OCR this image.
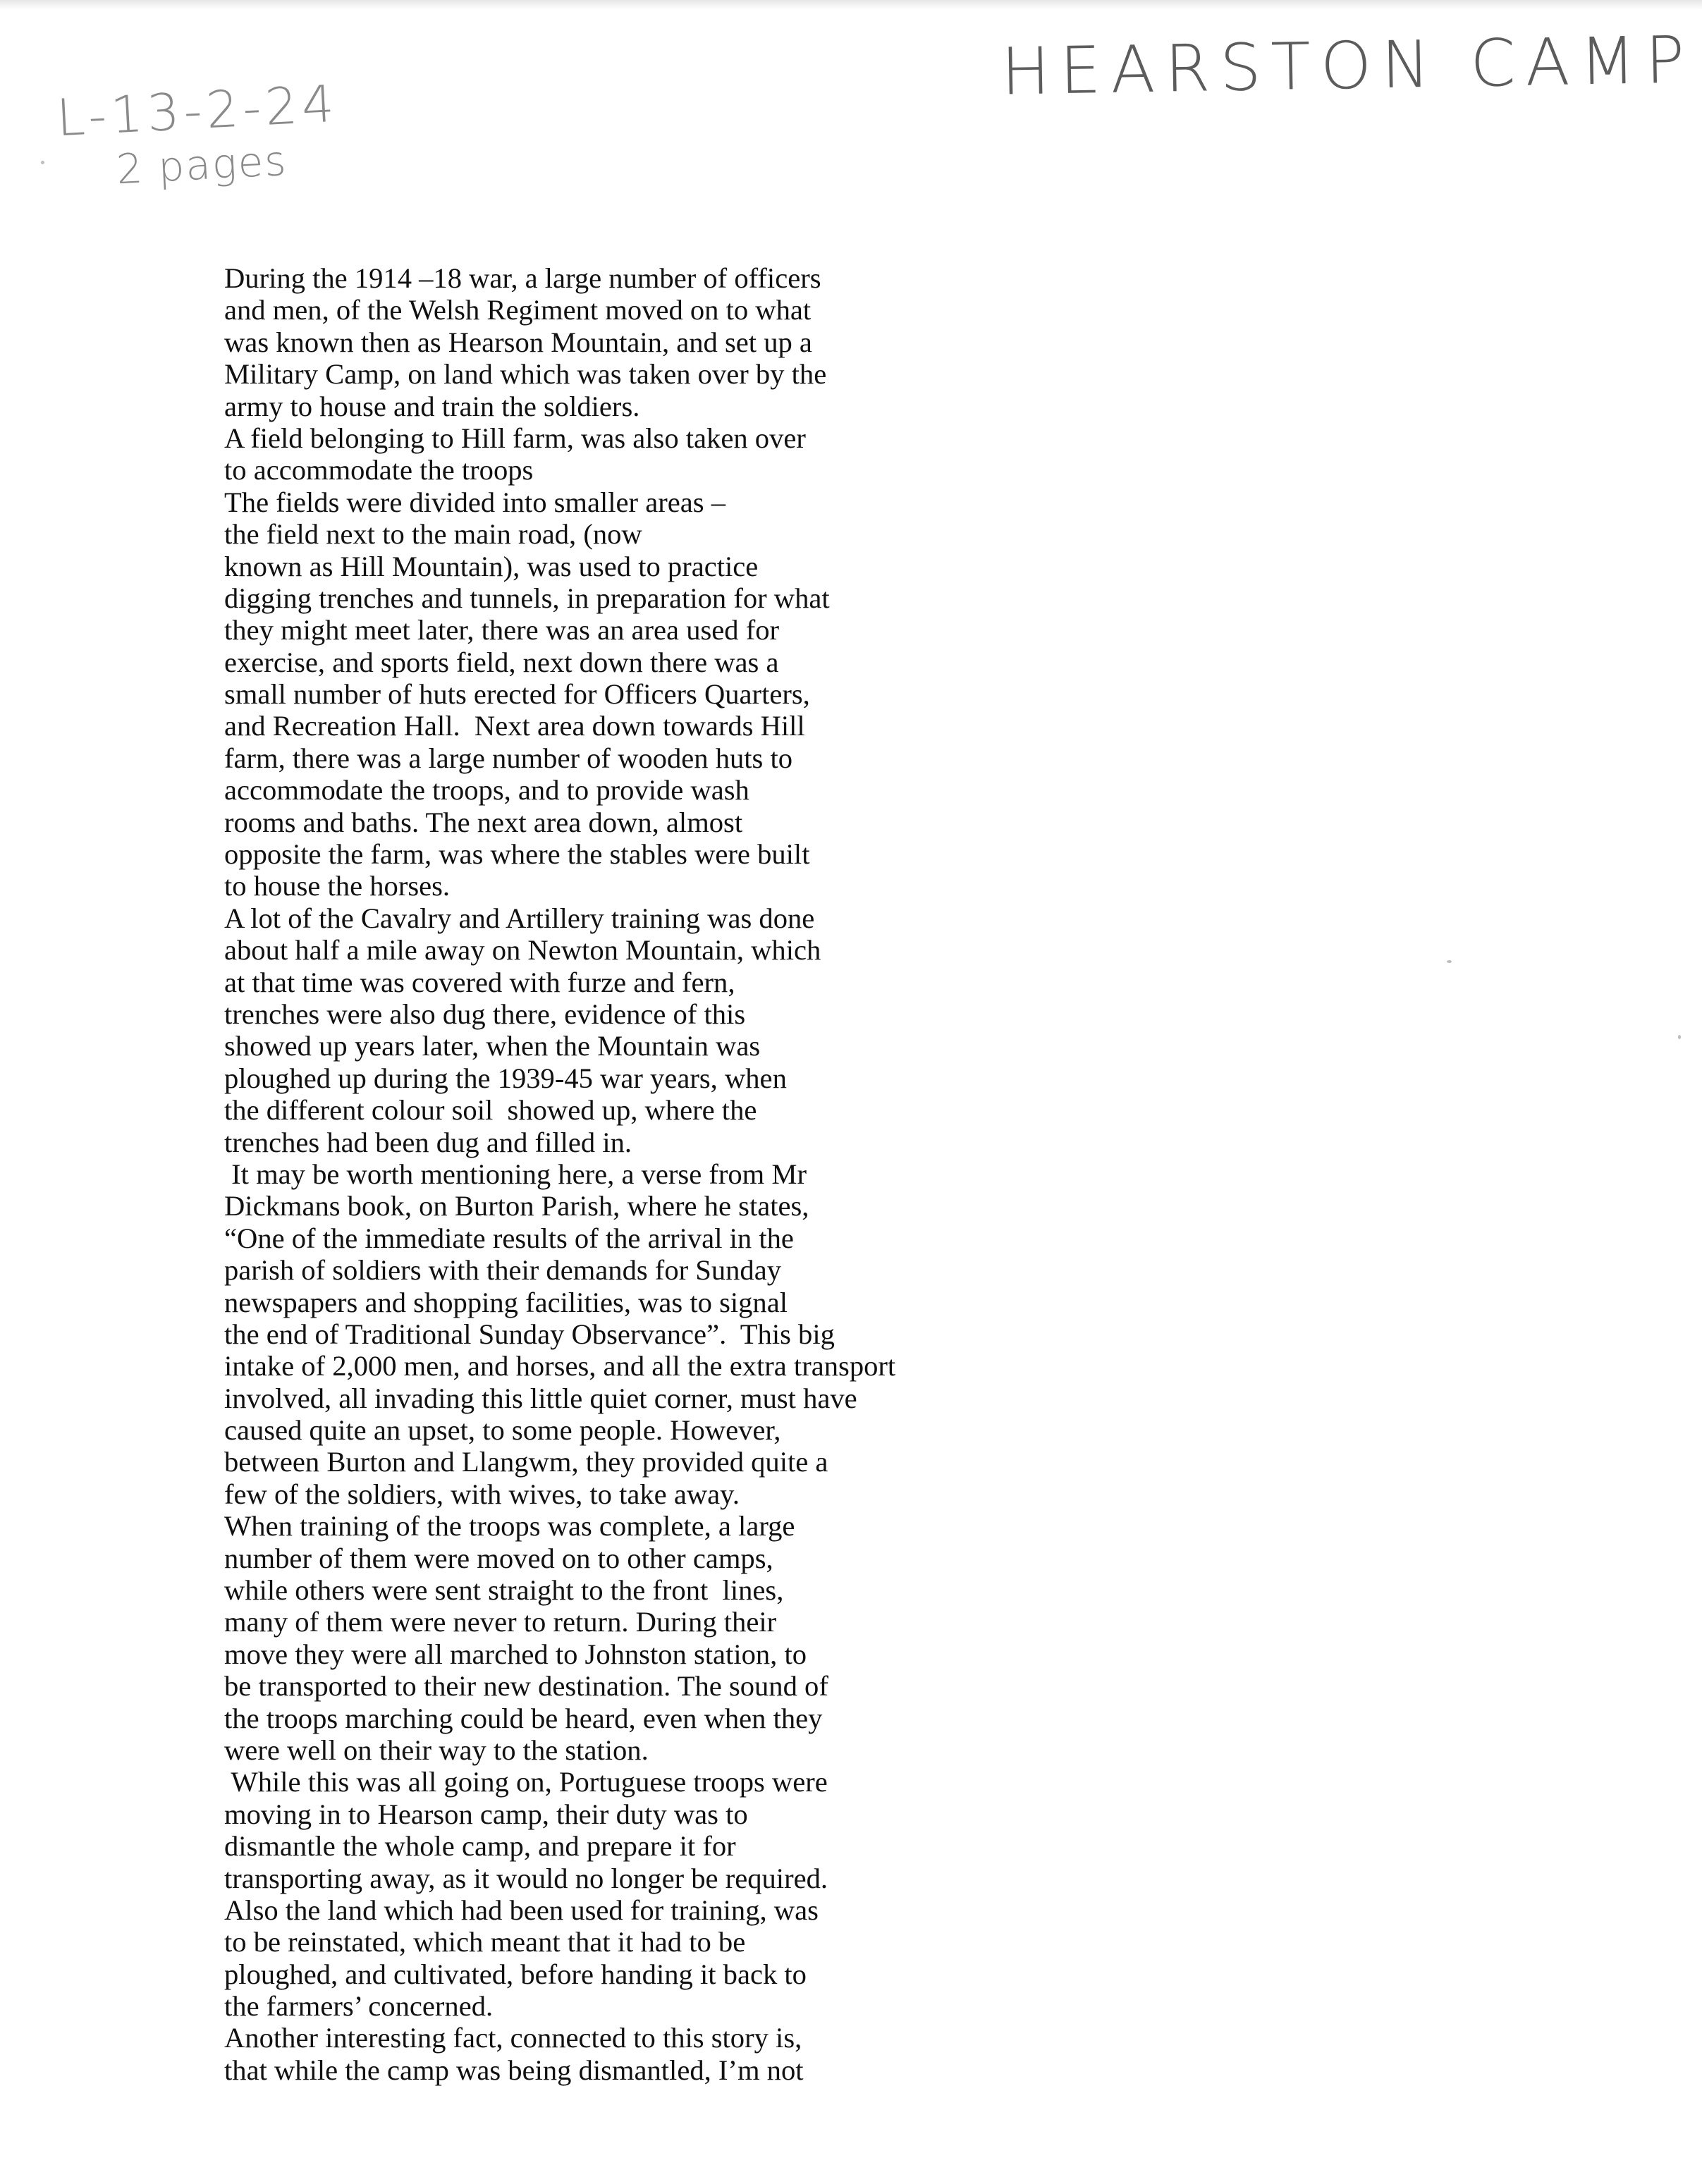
HEARSTON CAMP
L-13-2-24
2 pages
During the 1914 –18 war, a large number of officers
and men, of the Welsh Regiment moved on to what
was known then as Hearson Mountain, and set up a
Military Camp, on land which was taken over by the
army to house and train the soldiers.
A field belonging to Hill farm, was also taken over
to accommodate the troops
The fields were divided into smaller areas –
the field next to the main road, (now
known as Hill Mountain), was used to practice
digging trenches and tunnels, in preparation for what
they might meet later, there was an area used for
exercise, and sports field, next down there was a
small number of huts erected for Officers Quarters,
and Recreation Hall.  Next area down towards Hill
farm, there was a large number of wooden huts to
accommodate the troops, and to provide wash
rooms and baths. The next area down, almost
opposite the farm, was where the stables were built
to house the horses.
A lot of the Cavalry and Artillery training was done
about half a mile away on Newton Mountain, which
at that time was covered with furze and fern,
trenches were also dug there, evidence of this
showed up years later, when the Mountain was
ploughed up during the 1939-45 war years, when
the different colour soil  showed up, where the
trenches had been dug and filled in.
It may be worth mentioning here, a verse from Mr
Dickmans book, on Burton Parish, where he states,
“One of the immediate results of the arrival in the
parish of soldiers with their demands for Sunday
newspapers and shopping facilities, was to signal
the end of Traditional Sunday Observance”.  This big
intake of 2,000 men, and horses, and all the extra transport
involved, all invading this little quiet corner, must have
caused quite an upset, to some people. However,
between Burton and Llangwm, they provided quite a
few of the soldiers, with wives, to take away.
When training of the troops was complete, a large
number of them were moved on to other camps,
while others were sent straight to the front  lines,
many of them were never to return. During their
move they were all marched to Johnston station, to
be transported to their new destination. The sound of
the troops marching could be heard, even when they
were well on their way to the station.
While this was all going on, Portuguese troops were
moving in to Hearson camp, their duty was to
dismantle the whole camp, and prepare it for
transporting away, as it would no longer be required.
Also the land which had been used for training, was
to be reinstated, which meant that it had to be
ploughed, and cultivated, before handing it back to
the farmers’ concerned.
Another interesting fact, connected to this story is,
that while the camp was being dismantled, I’m not
